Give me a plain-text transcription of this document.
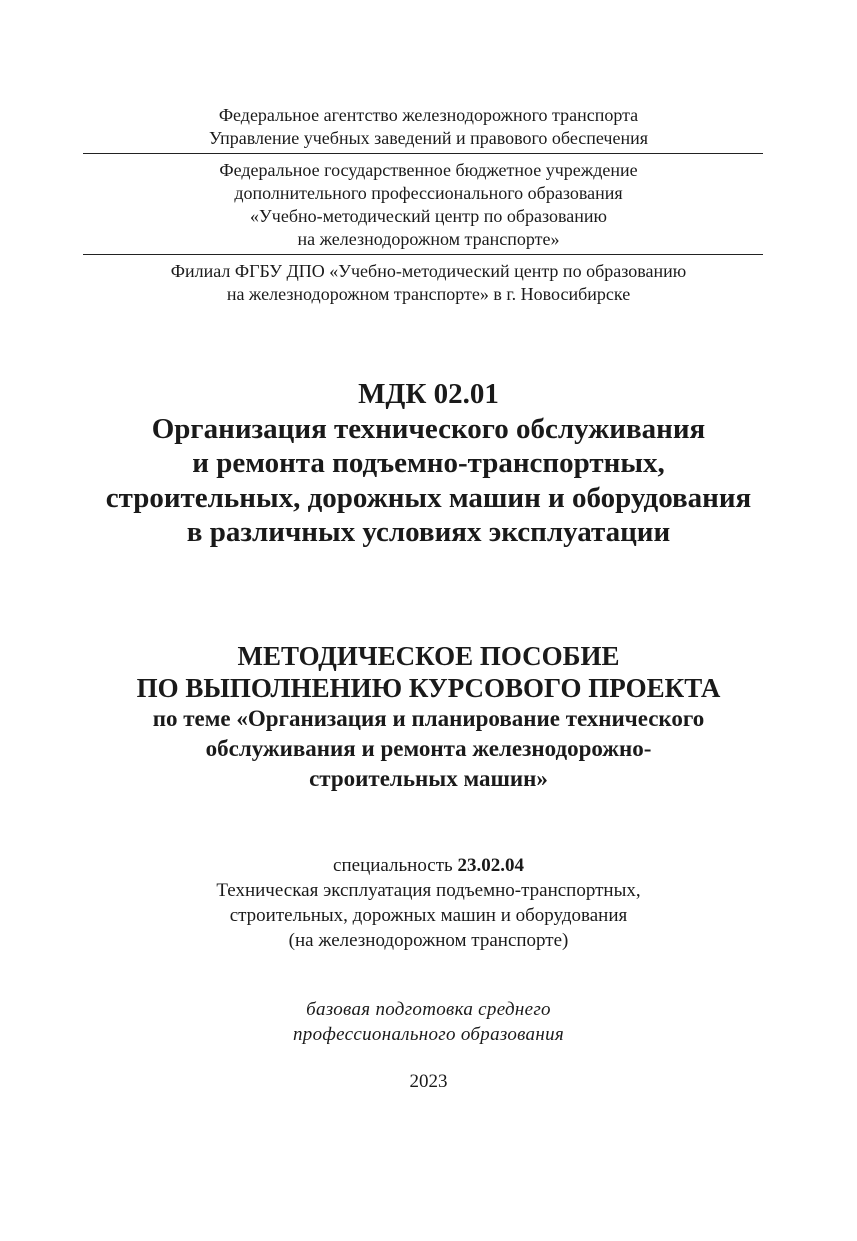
Федеральное агентство железнодорожного транспорта
Управление учебных заведений и правового обеспечения
Федеральное государственное бюджетное учреждение
дополнительного профессионального образования
«Учебно-методический центр по образованию
на железнодорожном транспорте»
Филиал ФГБУ ДПО «Учебно-методический центр по образованию
на железнодорожном транспорте» в г. Новосибирске
МДК 02.01
Организация технического обслуживания
и ремонта подъемно-транспортных,
строительных, дорожных машин и оборудования
в различных условиях эксплуатации
МЕТОДИЧЕСКОЕ ПОСОБИЕ
ПО ВЫПОЛНЕНИЮ КУРСОВОГО ПРОЕКТА
по теме «Организация и планирование технического
обслуживания и ремонта железнодорожно-
строительных машин»
специальность 23.02.04
Техническая эксплуатация подъемно-транспортных,
строительных, дорожных машин и оборудования
(на железнодорожном транспорте)
базовая подготовка среднего
профессионального образования
2023
